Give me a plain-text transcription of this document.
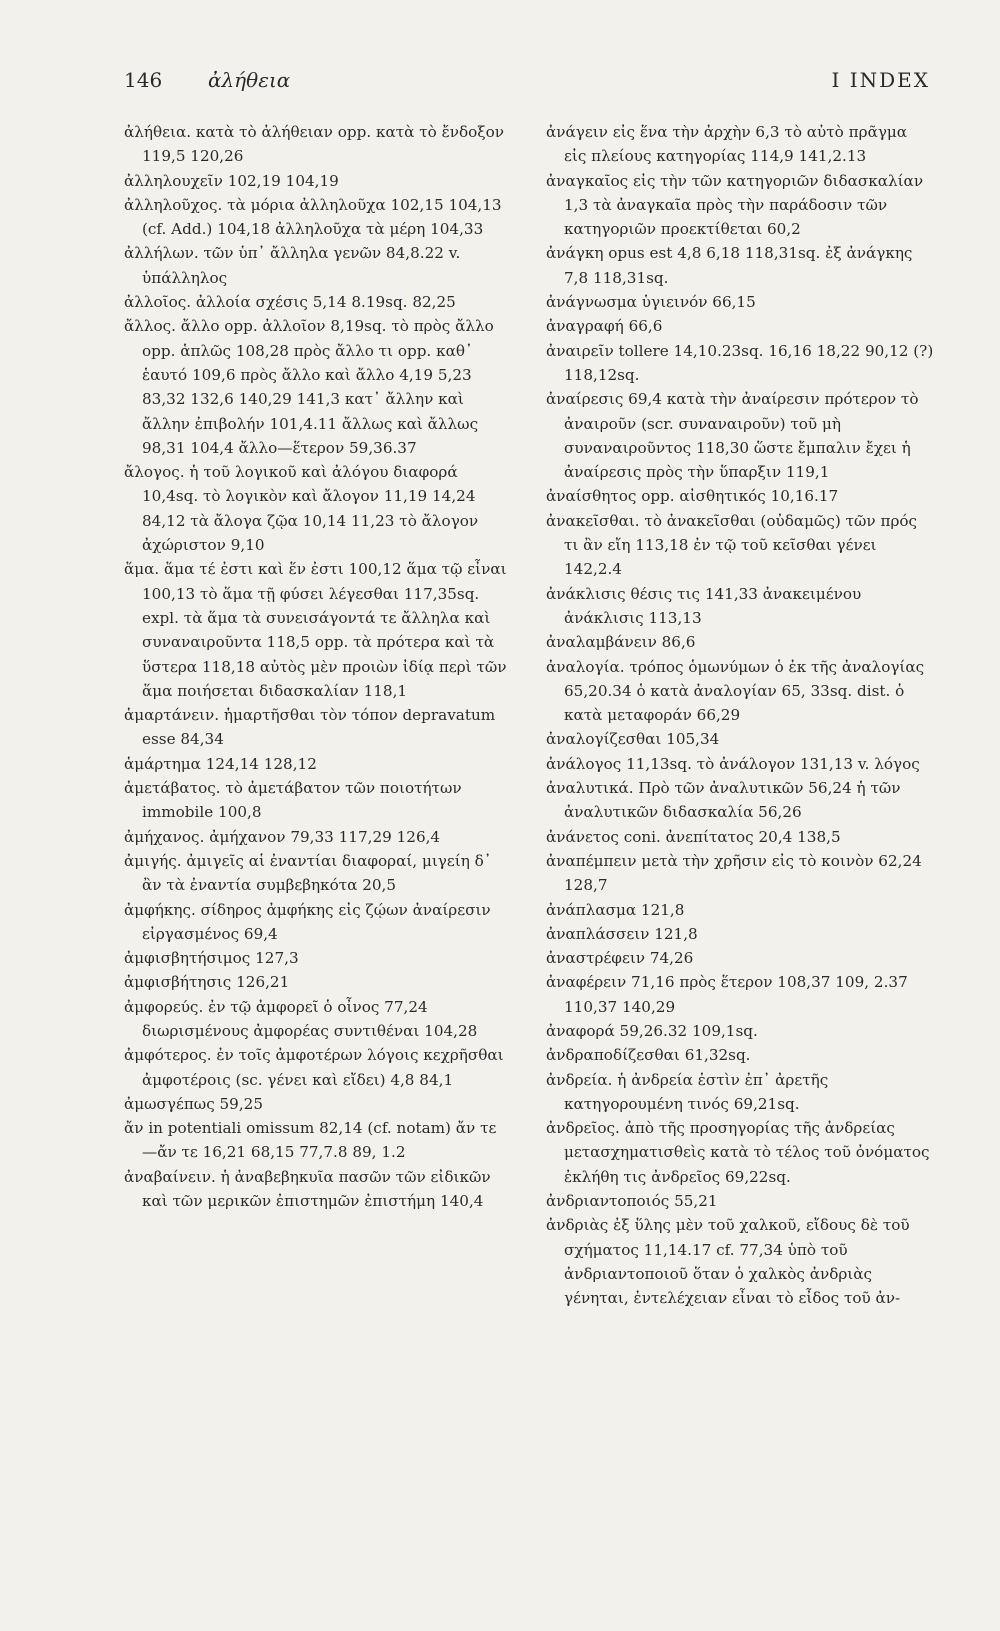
146 ἀλήθεια	I INDEX

ἀλήθεια. κατὰ τὸ ἀλήθειαν opp. κατὰ τὸ ἔνδοξον 119,5 120,26

ἀλληλουχεῖν 102,19 104,19

ἀλληλοῦχος. τὰ μόρια ἀλληλοῦχα 102,15 104,13 (cf. Add.) 104,18 ἀλληλοῦχα τὰ μέρη 104,33

ἀλλήλων. τῶν ὑπ᾽ ἄλληλα γενῶν 84,8.22 v. ὑπάλληλος

ἀλλοῖος. ἀλλοία σχέσις 5,14 8.19sq. 82,25

ἄλλος. ἄλλο opp. ἀλλοῖον 8,19sq. τὸ πρὸς ἄλλο opp. ἁπλῶς 108,28 πρὸς ἄλλο τι opp. καθ᾽ ἑαυτό 109,6 πρὸς ἄλλο καὶ ἄλλο 4,19 5,23 83,32 132,6 140,29 141,3 κατ᾽ ἄλλην καὶ ἄλλην ἐπιβολήν 101,4.11 ἄλλως καὶ ἄλλως 98,31 104,4 ἄλλο—ἕτερον 59,36.37

ἄλογος. ἡ τοῦ λογικοῦ καὶ ἀλόγου διαφορά 10,4sq. τὸ λογικὸν καὶ ἄλογον 11,19 14,24 84,12 τὰ ἄλογα ζῷα 10,14 11,23 τὸ ἄλογον ἀχώριστον 9,10

ἅμα. ἅμα τέ ἐστι καὶ ἕν ἐστι 100,12 ἅμα τῷ εἶναι 100,13 τὸ ἅμα τῇ φύσει λέγεσθαι 117,35sq. expl. τὰ ἅμα τὰ συνεισάγοντά τε ἄλληλα καὶ συναναιροῦντα 118,5 opp. τὰ πρότερα καὶ τὰ ὕστερα 118,18 αὐτὸς μὲν προιὼν ἰδίᾳ περὶ τῶν ἅμα ποιήσεται διδασκαλίαν 118,1

ἁμαρτάνειν. ἡμαρτῆσθαι τὸν τόπον depravatum esse 84,34

ἁμάρτημα 124,14 128,12

ἀμετάβατος. τὸ ἀμετάβατον τῶν ποιοτήτων immobile 100,8

ἀμήχανος. ἀμήχανον 79,33 117,29 126,4

ἀμιγής. ἀμιγεῖς αἱ ἐναντίαι διαφοραί, μιγείη δ᾽ ἂν τὰ ἐναντία συμβεβηκότα 20,5

ἀμφήκης. σίδηρος ἀμφήκης εἰς ζῴων ἀναίρεσιν εἰργασμένος 69,4

ἀμφισβητήσιμος 127,3

ἀμφισβήτησις 126,21

ἀμφορεύς. ἐν τῷ ἀμφορεῖ ὁ οἶνος 77,24 διωρισμένους ἀμφορέας συντιθέναι 104,28

ἀμφότερος. ἐν τοῖς ἀμφοτέρων λόγοις κεχρῆσθαι ἀμφοτέροις (sc. γένει καὶ εἴδει) 4,8 84,1

ἀμωσγέπως 59,25

ἄν in potentiali omissum 82,14 (cf. notam) ἄν τε—ἄν τε 16,21 68,15 77,7.8 89, 1.2

ἀναβαίνειν. ἡ ἀναβεβηκυῖα πασῶν τῶν εἰδικῶν καὶ τῶν μερικῶν ἐπιστημῶν ἐπιστήμη 140,4

ἀνάγειν εἰς ἕνα τὴν ἀρχὴν 6,3 τὸ αὐτὸ πρᾶγμα εἰς πλείους κατηγορίας 114,9 141,2.13

ἀναγκαῖος εἰς τὴν τῶν κατηγοριῶν διδασκαλίαν 1,3 τὰ ἀναγκαῖα πρὸς τὴν παράδοσιν τῶν κατηγοριῶν προεκτίθεται 60,2

ἀνάγκη opus est 4,8 6,18 118,31sq. ἐξ ἀνάγκης 7,8 118,31sq.

ἀνάγνωσμα ὑγιεινόν 66,15

ἀναγραφή 66,6

ἀναιρεῖν tollere 14,10.23sq. 16,16 18,22 90,12 (?) 118,12sq.

ἀναίρεσις 69,4 κατὰ τὴν ἀναίρεσιν πρότερον τὸ ἀναιροῦν (scr. συναναιροῦν) τοῦ μὴ συναναιροῦντος 118,30 ὥστε ἔμπαλιν ἔχει ἡ ἀναίρεσις πρὸς τὴν ὕπαρξιν 119,1

ἀναίσθητος opp. αἰσθητικός 10,16.17

ἀνακεῖσθαι. τὸ ἀνακεῖσθαι (οὐδαμῶς) τῶν πρός τι ἂν εἴη 113,18 ἐν τῷ τοῦ κεῖσθαι γένει 142,2.4

ἀνάκλισις θέσις τις 141,33 ἀνακειμένου ἀνάκλισις 113,13

ἀναλαμβάνειν 86,6

ἀναλογία. τρόπος ὁμωνύμων ὁ ἐκ τῆς ἀναλογίας 65,20.34 ὁ κατὰ ἀναλογίαν 65, 33sq. dist. ὁ κατὰ μεταφοράν 66,29

ἀναλογίζεσθαι 105,34

ἀνάλογος 11,13sq. τὸ ἀνάλογον 131,13 v. λόγος

ἀναλυτικά. Πρὸ τῶν ἀναλυτικῶν 56,24 ἡ τῶν ἀναλυτικῶν διδασκαλία 56,26

ἀνάνετος coni. ἀνεπίτατος 20,4 138,5

ἀναπέμπειν μετὰ τὴν χρῆσιν εἰς τὸ κοινὸν 62,24 128,7

ἀνάπλασμα 121,8

ἀναπλάσσειν 121,8

ἀναστρέφειν 74,26

ἀναφέρειν 71,16 πρὸς ἕτερον 108,37 109, 2.37 110,37 140,29

ἀναφορά 59,26.32 109,1sq.

ἀνδραποδίζεσθαι 61,32sq.

ἀνδρεία. ἡ ἀνδρεία ἐστὶν ἐπ᾽ ἀρετῆς κατηγορουμένη τινός 69,21sq.

ἀνδρεῖος. ἀπὸ τῆς προσηγορίας τῆς ἀνδρείας μετασχηματισθεὶς κατὰ τὸ τέλος τοῦ ὀνόματος ἐκλήθη τις ἀνδρεῖος 69,22sq.

ἀνδριαντοποιός 55,21

ἀνδριὰς ἐξ ὕλης μὲν τοῦ χαλκοῦ, εἴδους δὲ τοῦ σχήματος 11,14.17 cf. 77,34 ὑπὸ τοῦ ἀνδριαντοποιοῦ ὅταν ὁ χαλκὸς ἀνδριὰς γένηται, ἐντελέχειαν εἶναι τὸ εἶδος τοῦ ἀν-
